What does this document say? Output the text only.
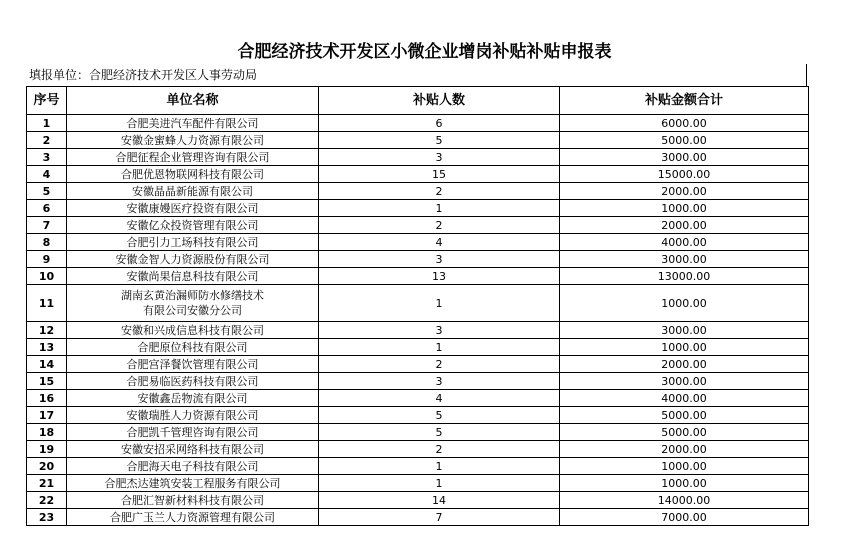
合肥经济技术开发区小微企业增岗补贴补贴申报表
填报单位：合肥经济技术开发区人事劳动局
序号	单位名称	补贴人数	补贴金额合计
1	合肥美进汽车配件有限公司	6	6000.00
2	安徽金蜜蜂人力资源有限公司	5	5000.00
3	合肥征程企业管理咨询有限公司	3	3000.00
4	合肥优恩物联网科技有限公司	15	15000.00
5	安徽晶晶新能源有限公司	2	2000.00
6	安徽康嫚医疗投资有限公司	1	1000.00
7	安徽亿众投资管理有限公司	2	2000.00
8	合肥引力工场科技有限公司	4	4000.00
9	安徽金智人力资源股份有限公司	3	3000.00
10	安徽尚果信息科技有限公司	13	13000.00
11	湖南玄黄治漏师防水修缮技术
有限公司安徽分公司	1	1000.00
12	安徽和兴成信息科技有限公司	3	3000.00
13	合肥原位科技有限公司	1	1000.00
14	合肥宫泽餐饮管理有限公司	2	2000.00
15	合肥易临医药科技有限公司	3	3000.00
16	安徽鑫岳物流有限公司	4	4000.00
17	安徽瑞胜人力资源有限公司	5	5000.00
18	合肥凯千管理咨询有限公司	5	5000.00
19	安徽安招采网络科技有限公司	2	2000.00
20	合肥海天电子科技有限公司	1	1000.00
21	合肥杰达建筑安装工程服务有限公司	1	1000.00
22	合肥汇智新材料科技有限公司	14	14000.00
23	合肥广玉兰人力资源管理有限公司	7	7000.00
